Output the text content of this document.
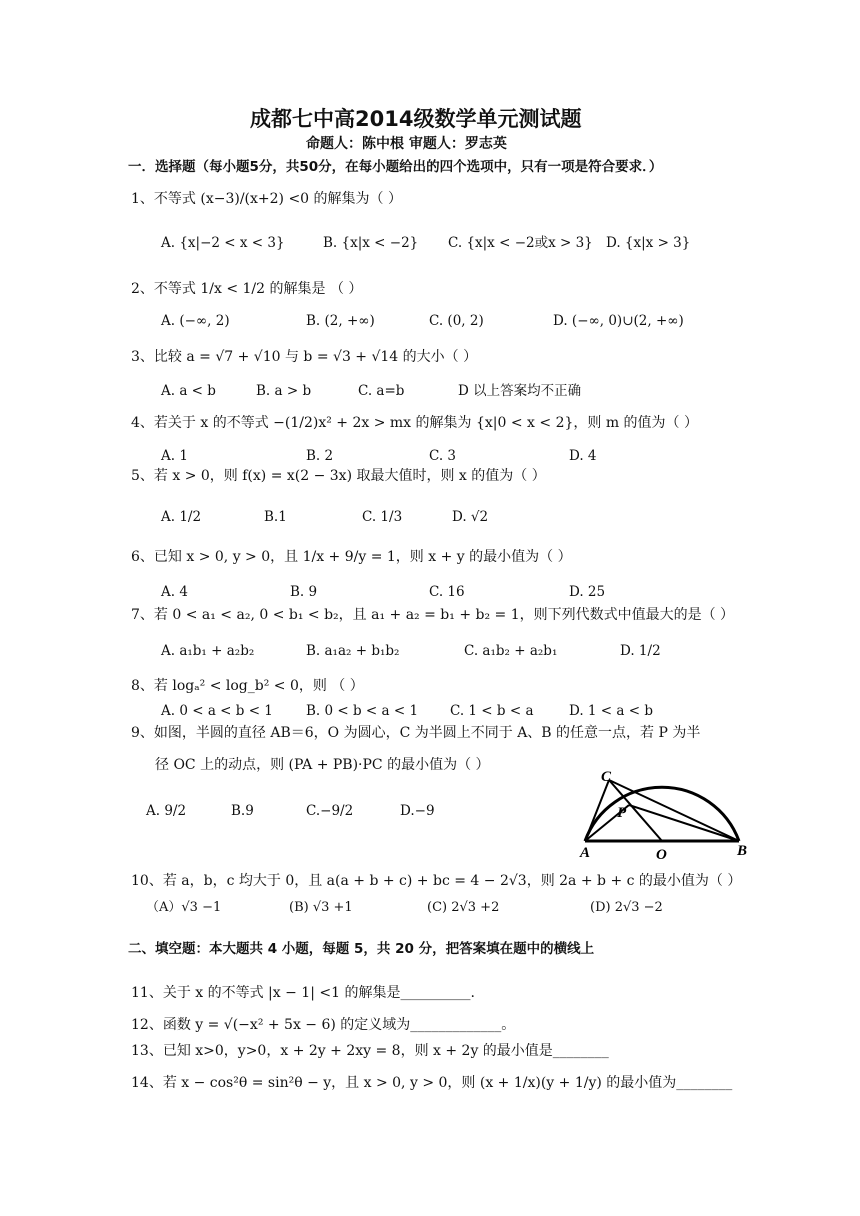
成都七中高2014级数学单元测试题
命题人：陈中根 审题人：罗志英
一．选择题（每小题5分，共50分，在每小题给出的四个选项中，只有一项是符合要求．）
1、不等式 (x−3)/(x+2) <0 的解集为（ ）
A. {x|−2 < x < 3}	B. {x|x < −2} C. {x|x < −2或x > 3} D. {x|x > 3}
2、不等式 1/x < 1/2 的解集是 （ ）
A. (−∞, 2)	B. (2, +∞)	C. (0, 2)	D. (−∞, 0)∪(2, +∞)
3、比较 a = √7 + √10 与 b = √3 + √14 的大小（ ）
A. a < b	B. a > b	C. a=b	D 以上答案均不正确
4、若关于 x 的不等式 −(1/2)x² + 2x > mx 的解集为 {x|0 < x < 2}，则 m 的值为（ ）
A. 1	B. 2	C. 3	D. 4
5、若 x > 0，则 f(x) = x(2 − 3x) 取最大值时，则 x 的值为（ ）
A. 1/2	B.1	C. 1/3	D. √2
6、已知 x > 0, y > 0，且 1/x + 9/y = 1，则 x + y 的最小值为（ ）
A. 4	B. 9	C. 16	D. 25
7、若 0 < a₁ < a₂, 0 < b₁ < b₂，且 a₁ + a₂ = b₁ + b₂ = 1，则下列代数式中值最大的是（ ）
A. a₁b₁ + a₂b₂	B. a₁a₂ + b₁b₂	C. a₁b₂ + a₂b₁	D. 1/2
8、若 logₐ² < log_b² < 0，则 （ ）
A. 0 < a < b < 1 B. 0 < b < a < 1 C. 1 < b < a	D. 1 < a < b
9、如图，半圆的直径 AB＝6，O 为圆心，C 为半圆上不同于 A、B 的任意一点，若 P 为半
径 OC 上的动点，则 (PA + PB)·PC 的最小值为（ ）
A. 9/2	B.9	C.−9/2	D.−9
C
P
A	O	B
10、若 a，b，c 均大于 0，且 a(a + b + c) + bc = 4 − 2√3，则 2a + b + c 的最小值为（ ）
（A）√3 −1	(B) √3 +1	(C) 2√3 +2	(D) 2√3 −2
二、填空题：本大题共 4 小题，每题 5，共 20 分，把答案填在题中的横线上
11、关于 x 的不等式 |x − 1| <1 的解集是__________.
12、函数 y = √(−x² + 5x − 6) 的定义域为_____________。
13、已知 x>0，y>0，x + 2y + 2xy = 8，则 x + 2y 的最小值是________
14、若 x − cos²θ = sin²θ − y，且 x > 0, y > 0，则 (x + 1/x)(y + 1/y) 的最小值为________
